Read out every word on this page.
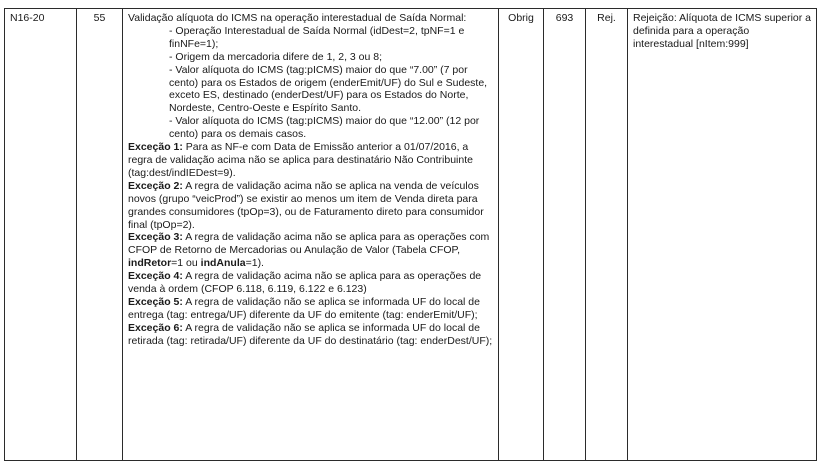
N16-20	55	Validação alíquota do ICMS na operação interestadual de Saída Normal:
- Operação Interestadual de Saída Normal (idDest=2, tpNF=1 e finNFe=1);
- Origem da mercadoria difere de 1, 2, 3 ou 8;
- Valor alíquota do ICMS (tag:pICMS) maior do que “7.00” (7 por cento) para os Estados de origem (enderEmit/UF) do Sul e Sudeste, exceto ES, destinado (enderDest/UF) para os Estados do Norte, Nordeste, Centro-Oeste e Espírito Santo.
- Valor alíquota do ICMS (tag:pICMS) maior do que “12.00” (12 por cento) para os demais casos.
Exceção 1: Para as NF-e com Data de Emissão anterior a 01/07/2016, a regra de validação acima não se aplica para destinatário Não Contribuinte (tag:dest/indIEDest=9).
Exceção 2: A regra de validação acima não se aplica na venda de veículos novos (grupo “veicProd”) se existir ao menos um item de Venda direta para grandes consumidores (tpOp=3), ou de Faturamento direto para consumidor final (tpOp=2).
Exceção 3: A regra de validação acima não se aplica para as operações com CFOP de Retorno de Mercadorias ou Anulação de Valor (Tabela CFOP, indRetor=1 ou indAnula=1).
Exceção 4: A regra de validação acima não se aplica para as operações de venda à ordem (CFOP 6.118, 6.119, 6.122 e 6.123)
Exceção 5: A regra de validação não se aplica se informada UF do local de entrega (tag: entrega/UF) diferente da UF do emitente (tag: enderEmit/UF);
Exceção 6: A regra de validação não se aplica se informada UF do local de retirada (tag: retirada/UF) diferente da UF do destinatário (tag: enderDest/UF);
	Obrig	693	Rej.	Rejeição: Alíquota de ICMS superior a definida para a operação interestadual [nItem:999]
